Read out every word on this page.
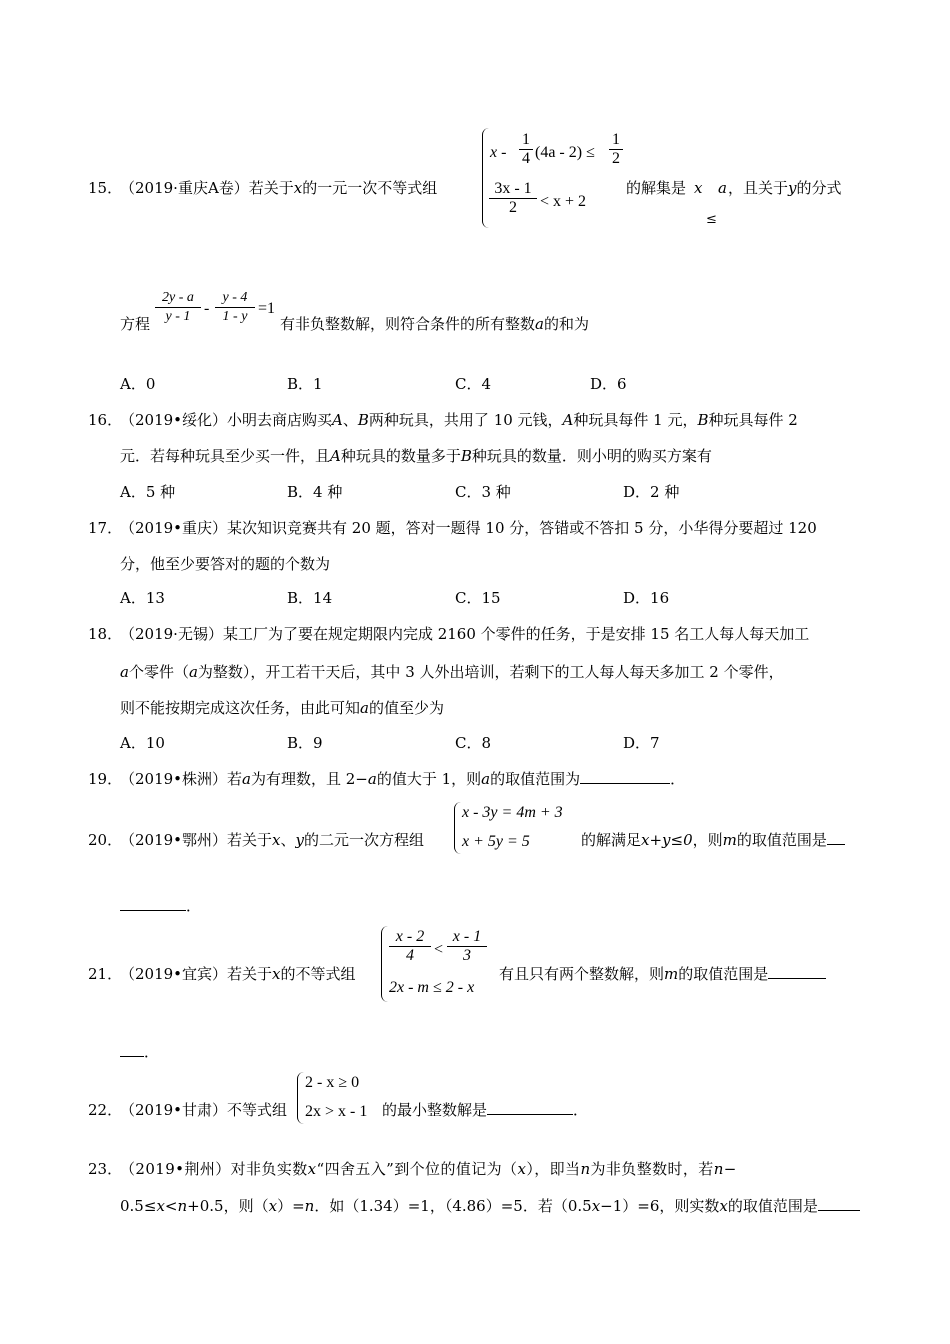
15．
（2019·重庆A卷）若关于x的一元一次不等式组
$x - \frac{1}{4} (4a - 2) \le \frac{1}{2}$
$\frac{3x - 1}{2} < x + 2$
的解集是 x
≤
a ，且关于y的分式
方程 $\frac{2y - a}{y - 1} - \frac{y - 4}{1 - y} =1$
有非负整数解，则符合条件的所有整数a的和为
A．0	B．1	C．4	D．6
16．
（2019•绥化）小明去商店购买A、B两种玩具，共用了 10 元钱，A种玩具每件 1 元，B种玩具每件 2
元．若每种玩具至少买一件，且A种玩具的数量多于B种玩具的数量．则小明的购买方案有
A．5 种	B．4 种	C．3 种	D．2 种
17．
（2019•重庆）某次知识竞赛共有 20 题，答对一题得 10 分，答错或不答扣 5 分，小华得分要超过 120
分，他至少要答对的题的个数为
A．13	B．14	C．15	D．16
18．
（2019·无锡）某工厂为了要在规定期限内完成 2160 个零件的任务，于是安排 15 名工人每人每天加工
a个零件（a为整数），开工若干天后，其中 3 人外出培训，若剩下的工人每人每天多加工 2 个零件，
则不能按期完成这次任务，由此可知a的值至少为
A．10	B．9	C．8	D．7
19．
（2019•株洲）若a为有理数，且 2−a的值大于 1，则a的取值范围为	．
20．
（2019•鄂州）若关于x、y的二元一次方程组
x - 3y = 4m + 3
x + 5y = 5	的解满足x+y≤0，则m的取值范围是
．
21．
（2019•宜宾）若关于x的不等式组
$\frac{x - 2}{4} < \frac{x - 1}{3}$
2x - m ≤ 2 - x
有且只有两个整数解，则m的取值范围是
．
22．
（2019•甘肃）不等式组
2 - x ≥ 0
2x > x - 1 的最小整数解是	．
23．
（2019•荆州）对非负实数x“四舍五入”到个位的值记为（x），即当n为非负整数时，若n−
0.5≤x<n+0.5，则（x）=n．如（1.34）=1，（4.86）=5．若（0.5x−1）=6，则实数x的取值范围是
